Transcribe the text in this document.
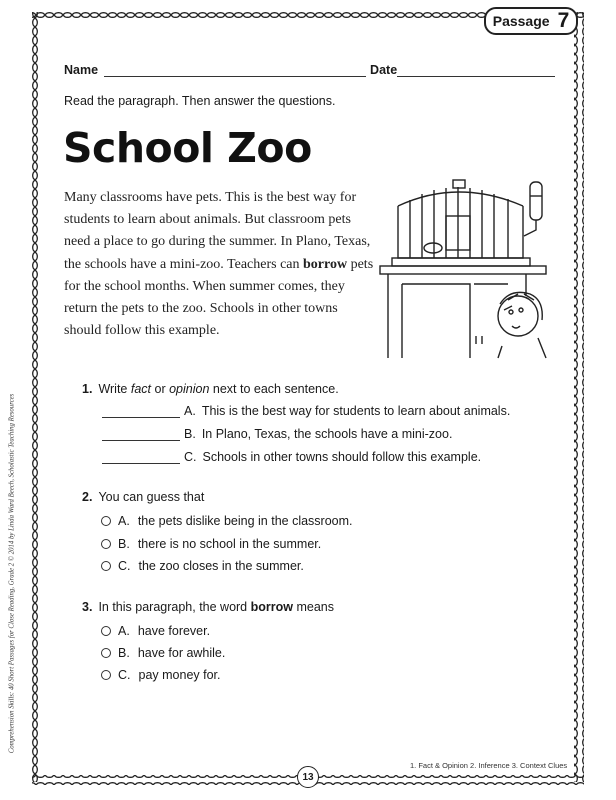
Passage 7
Name	Date
Read the paragraph. Then answer the questions.
School Zoo
Many classrooms have pets. This is the best way for students to learn about animals. But classroom pets need a place to go during the summer. In Plano, Texas, the schools have a mini-zoo. Teachers can borrow pets for the school months. When summer comes, they return the pets to the zoo. Schools in other towns should follow this example.
1. Write fact or opinion next to each sentence.
A. This is the best way for students to learn about animals.
B. In Plano, Texas, the schools have a mini-zoo.
C. Schools in other towns should follow this example.
2. You can guess that
A. the pets dislike being in the classroom.
B. there is no school in the summer.
C. the zoo closes in the summer.
3. In this paragraph, the word borrow means
A. have forever.
B. have for awhile.
C. pay money for.
Comprehension Skills: 40 Short Passages for Close Reading, Grade 2 © 2014 by Linda Ward Beech, Scholastic Teaching Resources
1. Fact & Opinion 2. Inference 3. Context Clues
13
